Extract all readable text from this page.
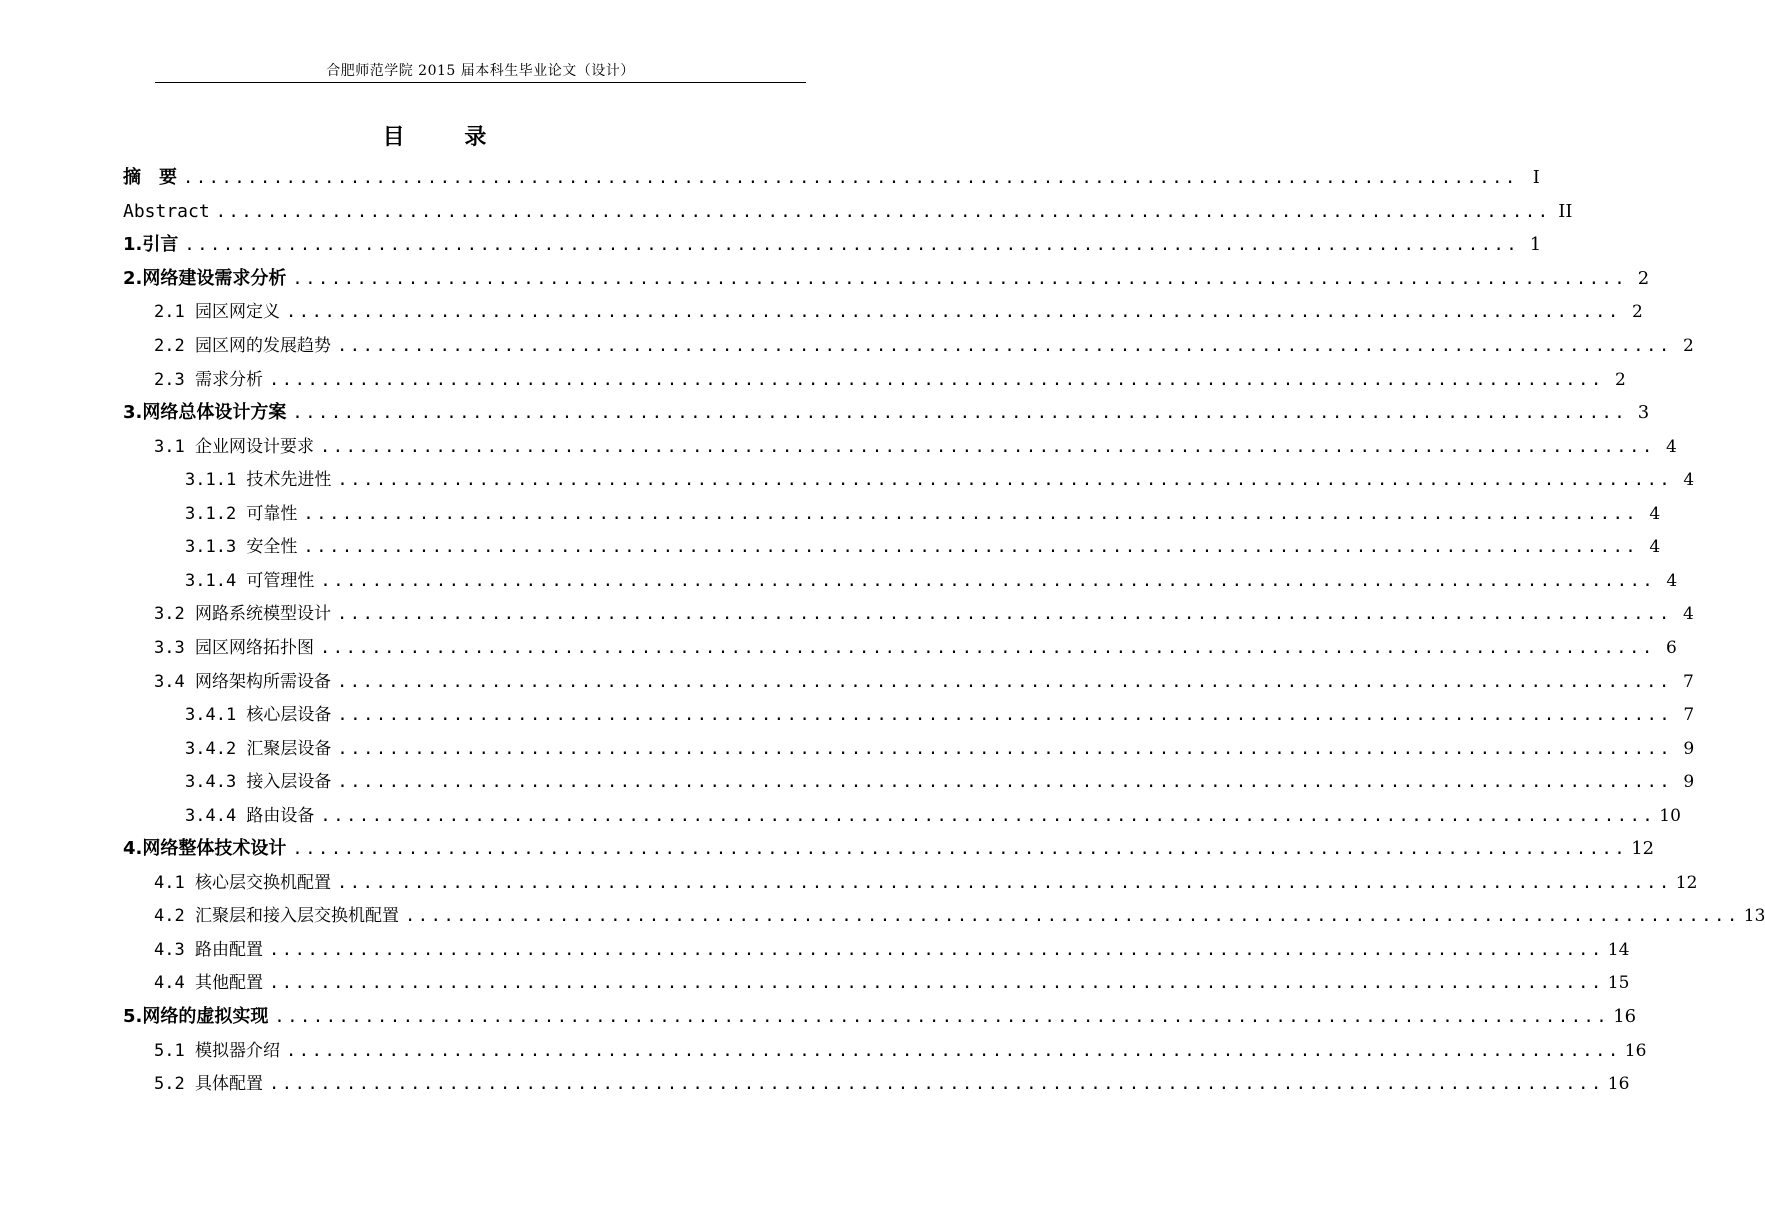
合肥师范学院 2015 届本科生毕业论文（设计）
目 录
摘　要 ........................................................................................................ Ⅰ
Abstract ........................................................................................................ II
1.引言 ........................................................................................................ 1
2.网络建设需求分析 ........................................................................................................ 2
2.1 园区网定义 ........................................................................................................ 2
2.2 园区网的发展趋势 ........................................................................................................ 2
2.3 需求分析 ........................................................................................................ 2
3.网络总体设计方案 ........................................................................................................ 3
3.1 企业网设计要求 ........................................................................................................ 4
3.1.1 技术先进性 ........................................................................................................ 4
3.1.2 可靠性 ........................................................................................................ 4
3.1.3 安全性 ........................................................................................................ 4
3.1.4 可管理性 ........................................................................................................ 4
3.2 网路系统模型设计 ........................................................................................................ 4
3.3 园区网络拓扑图 ........................................................................................................ 6
3.4 网络架构所需设备 ........................................................................................................ 7
3.4.1 核心层设备 ........................................................................................................ 7
3.4.2 汇聚层设备 ........................................................................................................ 9
3.4.3 接入层设备 ........................................................................................................ 9
3.4.4 路由设备 ........................................................................................................ 10
4.网络整体技术设计 ........................................................................................................ 12
4.1 核心层交换机配置 ........................................................................................................ 12
4.2 汇聚层和接入层交换机配置 ........................................................................................................ 13
4.3 路由配置 ........................................................................................................ 14
4.4 其他配置 ........................................................................................................ 15
5.网络的虚拟实现 ........................................................................................................ 16
5.1 模拟器介绍 ........................................................................................................ 16
5.2 具体配置 ........................................................................................................ 16
